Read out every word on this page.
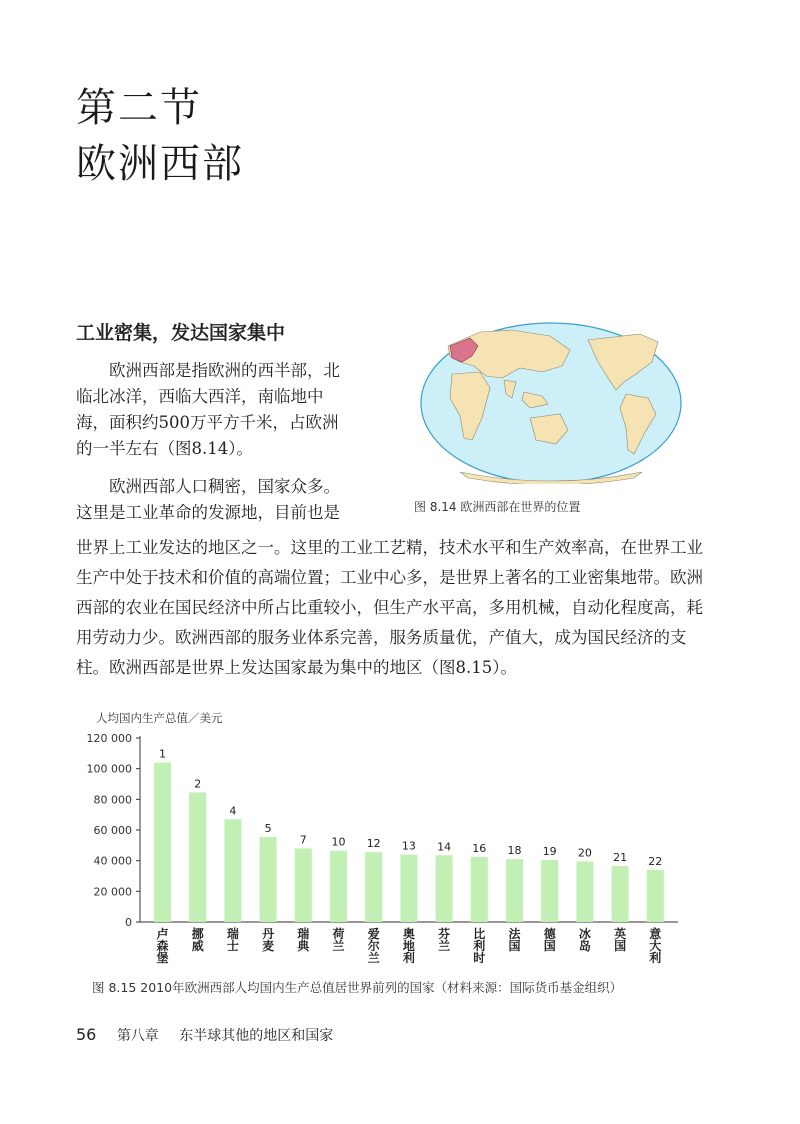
第二节
欧洲西部
工业密集，发达国家集中

欧洲西部是指欧洲的西半部，北

临北冰洋，西临大西洋，南临地中

海，面积约500万平方千米，占欧洲

的一半左右（图8.14）。

欧洲西部人口稠密，国家众多。

这里是工业革命的发源地，目前也是

世界上工业发达的地区之一。这里的工业工艺精，技术水平和生产效率高，在世界工业生产中处于技术和价值的高端位置；工业中心多，是世界上著名的工业密集地带。欧洲西部的农业在国民经济中所占比重较小，但生产水平高，多用机械，自动化程度高，耗用劳动力少。欧洲西部的服务业体系完善，服务质量优，产值大，成为国民经济的支柱。欧洲西部是世界上发达国家最为集中的地区（图8.15）。

图 8.14 欧洲西部在世界的位置
人均国内生产总值／美元
0
20 000
40 000
60 000
80 000
100 000
120 000
1
卢森堡
2
挪威
4
瑞士
5
丹麦
7
瑞典
10
荷兰
12
爱尔兰
13
奥地利
14
芬兰
16
比利时
18
法国
19
德国
20
冰岛
21
英国
22
意大利
图 8.15 2010年欧洲西部人均国内生产总值居世界前列的国家（材料来源：国际货币基金组织）
56 第八章 东半球其他的地区和国家
